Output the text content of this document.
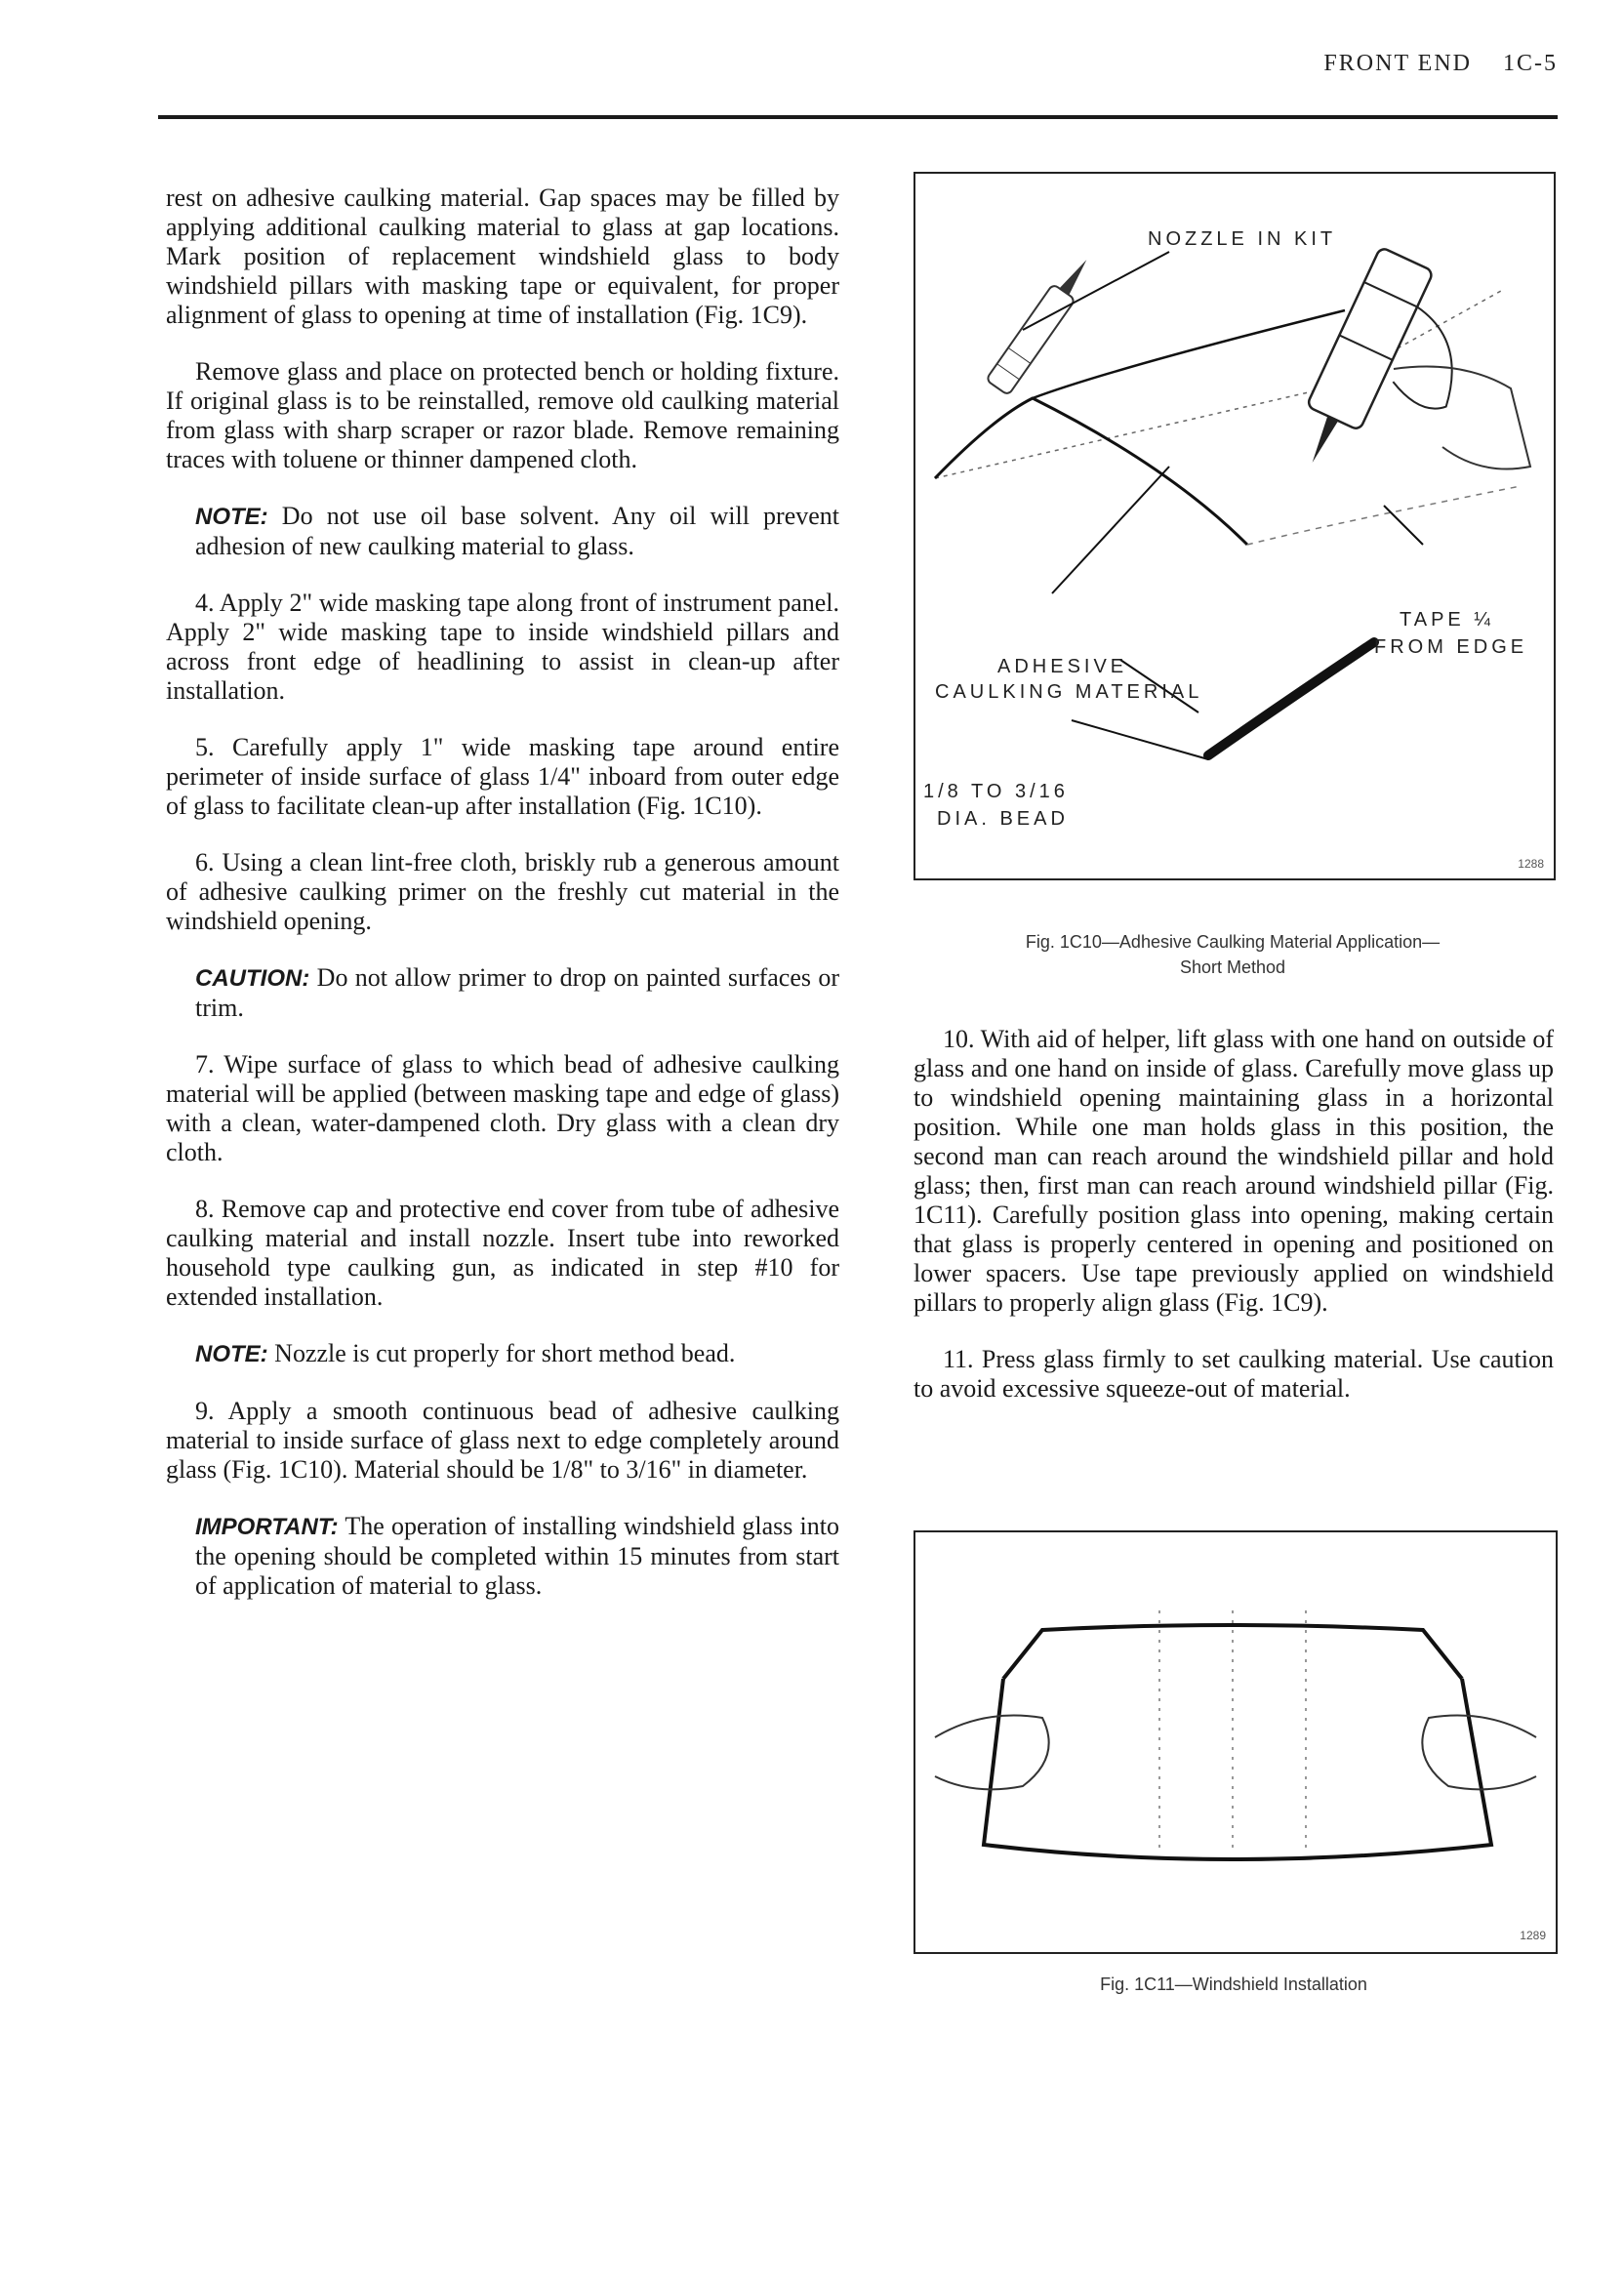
FRONT END 1C-5

rest on adhesive caulking material. Gap spaces may be filled by applying additional caulking material to glass at gap locations. Mark position of replacement windshield glass to body windshield pillars with masking tape or equivalent, for proper alignment of glass to opening at time of installation (Fig. 1C9).

Remove glass and place on protected bench or holding fixture. If original glass is to be reinstalled, remove old caulking material from glass with sharp scraper or razor blade. Remove remaining traces with toluene or thinner dampened cloth.

NOTE: Do not use oil base solvent. Any oil will prevent adhesion of new caulking material to glass.

4. Apply 2" wide masking tape along front of instrument panel. Apply 2" wide masking tape to inside windshield pillars and across front edge of headlining to assist in clean-up after installation.

5. Carefully apply 1" wide masking tape around entire perimeter of inside surface of glass 1/4" inboard from outer edge of glass to facilitate clean-up after installation (Fig. 1C10).

6. Using a clean lint-free cloth, briskly rub a generous amount of adhesive caulking primer on the freshly cut material in the windshield opening.

CAUTION: Do not allow primer to drop on painted surfaces or trim.

7. Wipe surface of glass to which bead of adhesive caulking material will be applied (between masking tape and edge of glass) with a clean, water-dampened cloth. Dry glass with a clean dry cloth.

8. Remove cap and protective end cover from tube of adhesive caulking material and install nozzle. Insert tube into reworked household type caulking gun, as indicated in step #10 for extended installation.

NOTE: Nozzle is cut properly for short method bead.

9. Apply a smooth continuous bead of adhesive caulking material to inside surface of glass next to edge completely around glass (Fig. 1C10). Material should be 1/8" to 3/16" in diameter.

IMPORTANT: The operation of installing windshield glass into the opening should be completed within 15 minutes from start of application of material to glass.

NOZZLE IN KIT
TAPE ¼
FROM EDGE
ADHESIVE
CAULKING MATERIAL
1/8 TO 3/16
DIA. BEAD
1288
Fig. 1C10—Adhesive Caulking Material Application—
Short Method

10. With aid of helper, lift glass with one hand on outside of glass and one hand on inside of glass. Carefully move glass up to windshield opening maintaining glass in a horizontal position. While one man holds glass in this position, the second man can reach around the windshield pillar and hold glass; then, first man can reach around windshield pillar (Fig. 1C11). Carefully position glass into opening, making certain that glass is properly centered in opening and positioned on lower spacers. Use tape previously applied on windshield pillars to properly align glass (Fig. 1C9).

11. Press glass firmly to set caulking material. Use caution to avoid excessive squeeze-out of material.

1289
Fig. 1C11—Windshield Installation
